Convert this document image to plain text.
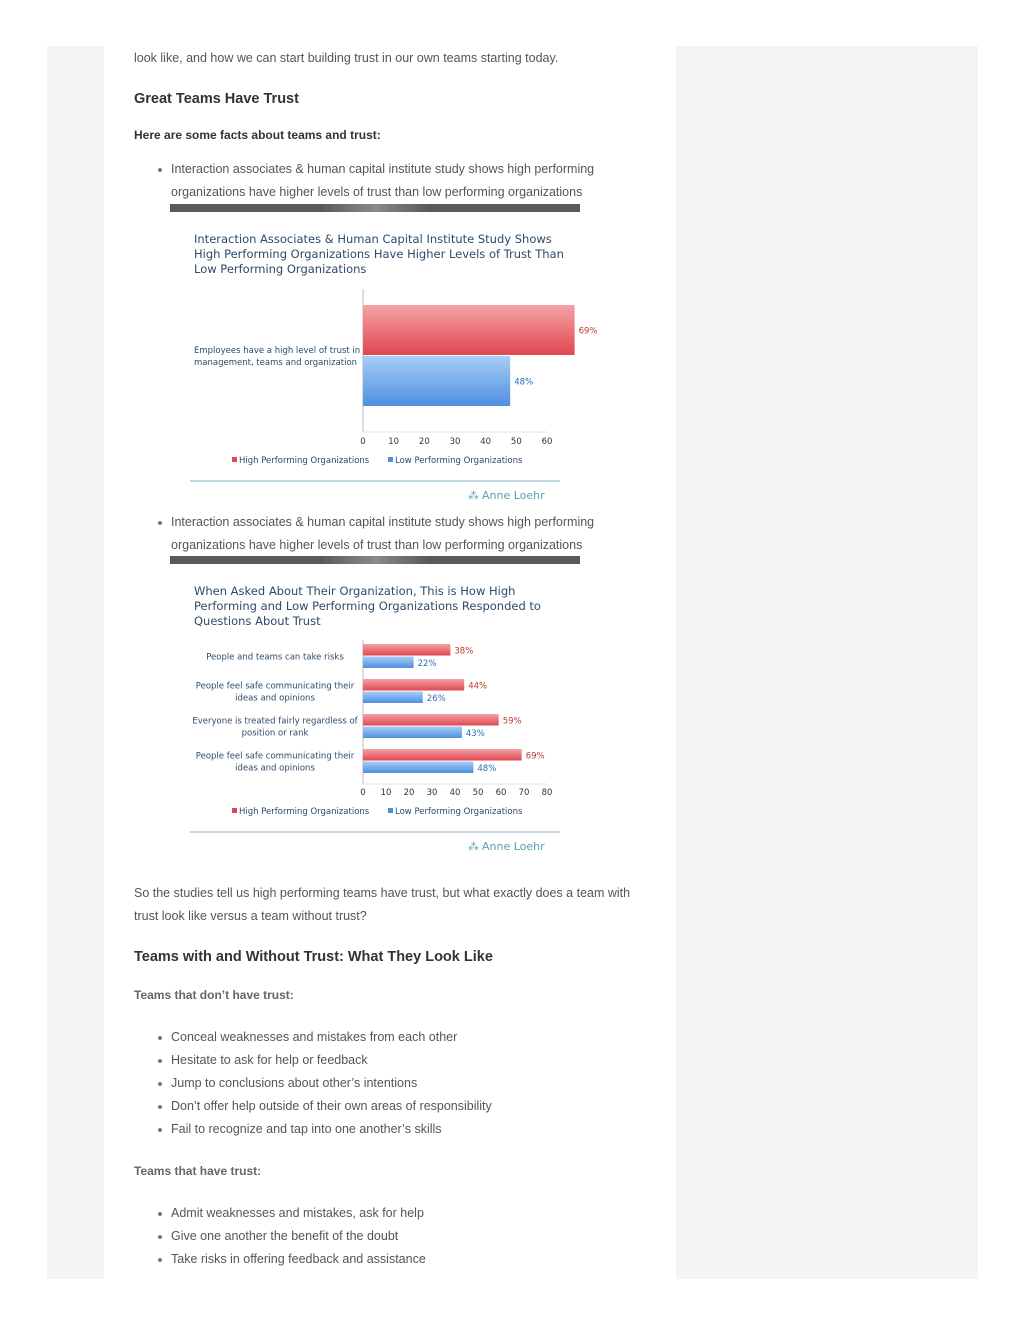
look like, and how we can start building trust in our own teams starting today.

Great Teams Have Trust
Here are some facts about teams and trust:
Interaction associates & human capital institute study shows high performing
organizations have higher levels of trust than low performing organizations
Interaction Associates & Human Capital Institute Study Shows
High Performing Organizations Have Higher Levels of Trust Than
Low Performing Organizations
69%
48%
Employees have a high level of trust in
management, teams and organization
0	10 20 30 40 50 60
High Performing Organizations	Low Performing Organizations
Anne Loehr
⁂
Interaction associates & human capital institute study shows high performing
organizations have higher levels of trust than low performing organizations
When Asked About Their Organization, This is How High
Performing and Low Performing Organizations Responded to
Questions About Trust
38%
22%
People and teams can take risks
44%
26%
People feel safe communicating their
ideas and opinions
59%
43%
Everyone is treated fairly regardless of
position or rank
69%
48%
People feel safe communicating their
ideas and opinions
0 10 20 30 40 50 60 70 80
High Performing Organizations	Low Performing Organizations
Anne Loehr
⁂

So the studies tell us high performing teams have trust, but what exactly does a team with
trust look like versus a team without trust?

Teams with and Without Trust: What They Look Like
Teams that don’t have trust:
Conceal weaknesses and mistakes from each other
Hesitate to ask for help or feedback
Jump to conclusions about other’s intentions
Don’t offer help outside of their own areas of responsibility
Fail to recognize and tap into one another’s skills
Teams that have trust:
Admit weaknesses and mistakes, ask for help
Give one another the benefit of the doubt
Take risks in offering feedback and assistance
